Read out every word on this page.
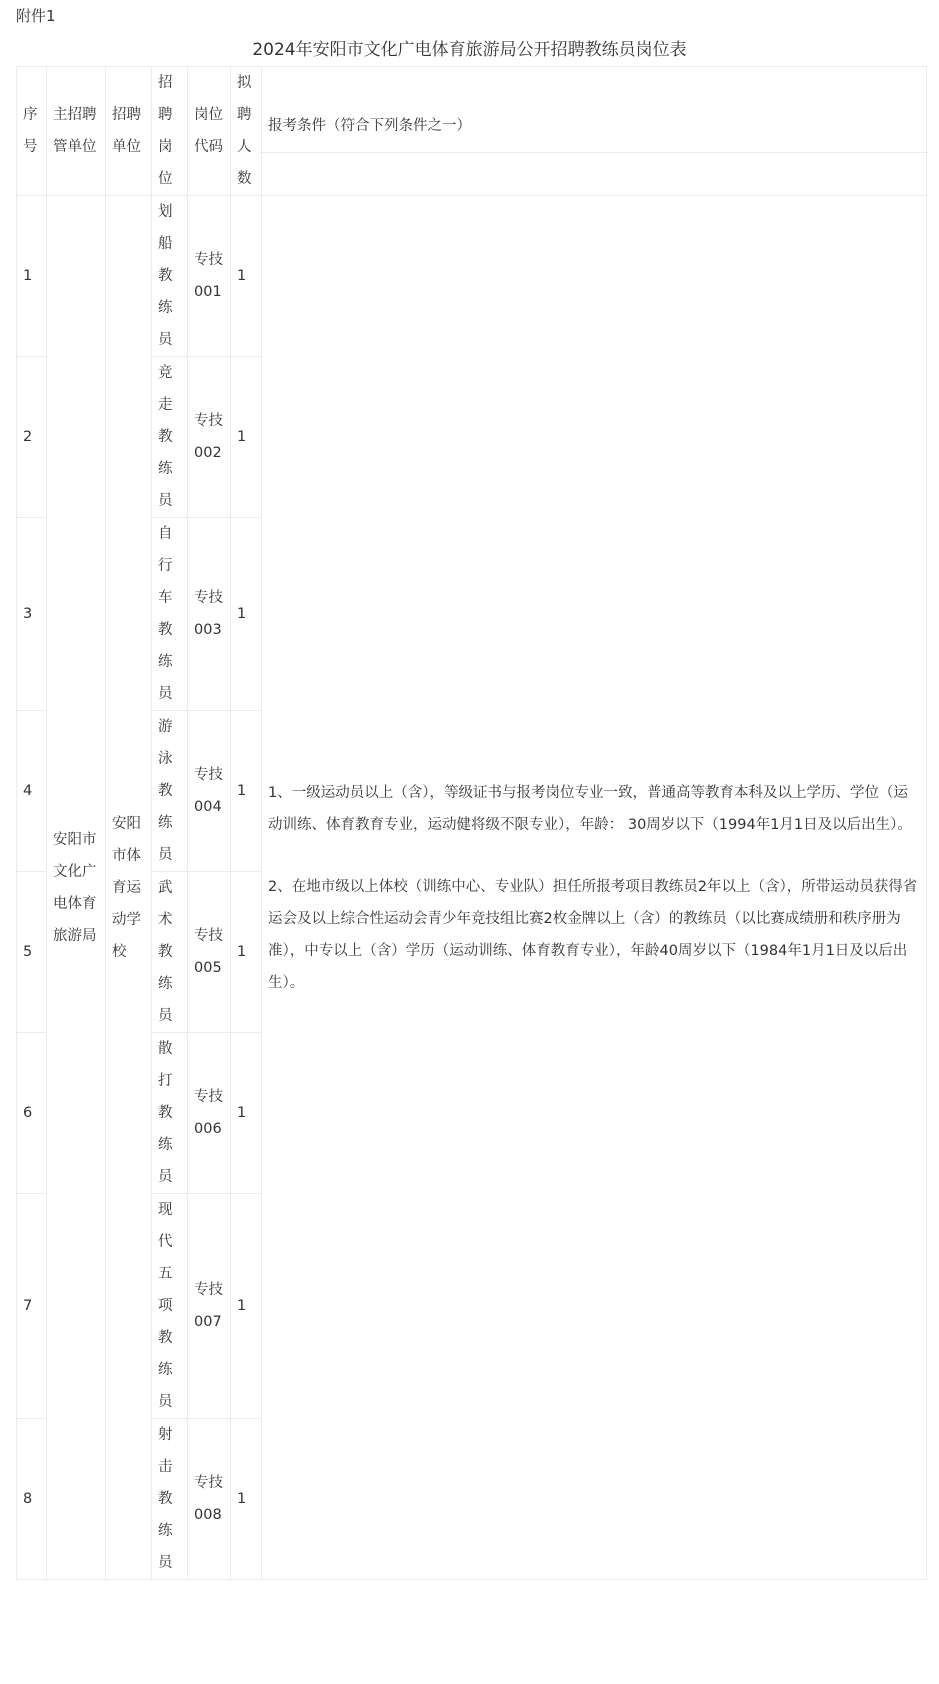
附件1
2024年安阳市文化广电体育旅游局公开招聘教练员岗位表
序号	主招聘管单位	招聘单位	招聘岗位	岗位代码	拟聘人数	报考条件（符合下列条件之一）

1	安阳市文化广电体育旅游局	安阳市体育运动学校	划船教练员	专技001	1	1、一级运动员以上（含），等级证书与报考岗位专业一致，普通高等教育本科及以上学历、学位（运动训练、体育教育专业，运动健将级不限专业），年龄： 30周岁以下（1994年1月1日及以后出生）。

2、在地市级以上体校（训练中心、专业队）担任所报考项目教练员2年以上（含），所带运动员获得省运会及以上综合性运动会青少年竞技组比赛2枚金牌以上（含）的教练员（以比赛成绩册和秩序册为准），中专以上（含）学历（运动训练、体育教育专业），年龄40周岁以下（1984年1月1日及以后出生）。

2			竞走教练员	专技002	1	
3			自行车教练员	专技003	1	
4			游泳教练员	专技004	1	
5			武术教练员	专技005	1	
6			散打教练员	专技006	1	
7			现代五项教练员	专技007	1	
8			射击教练员	专技008	1	
